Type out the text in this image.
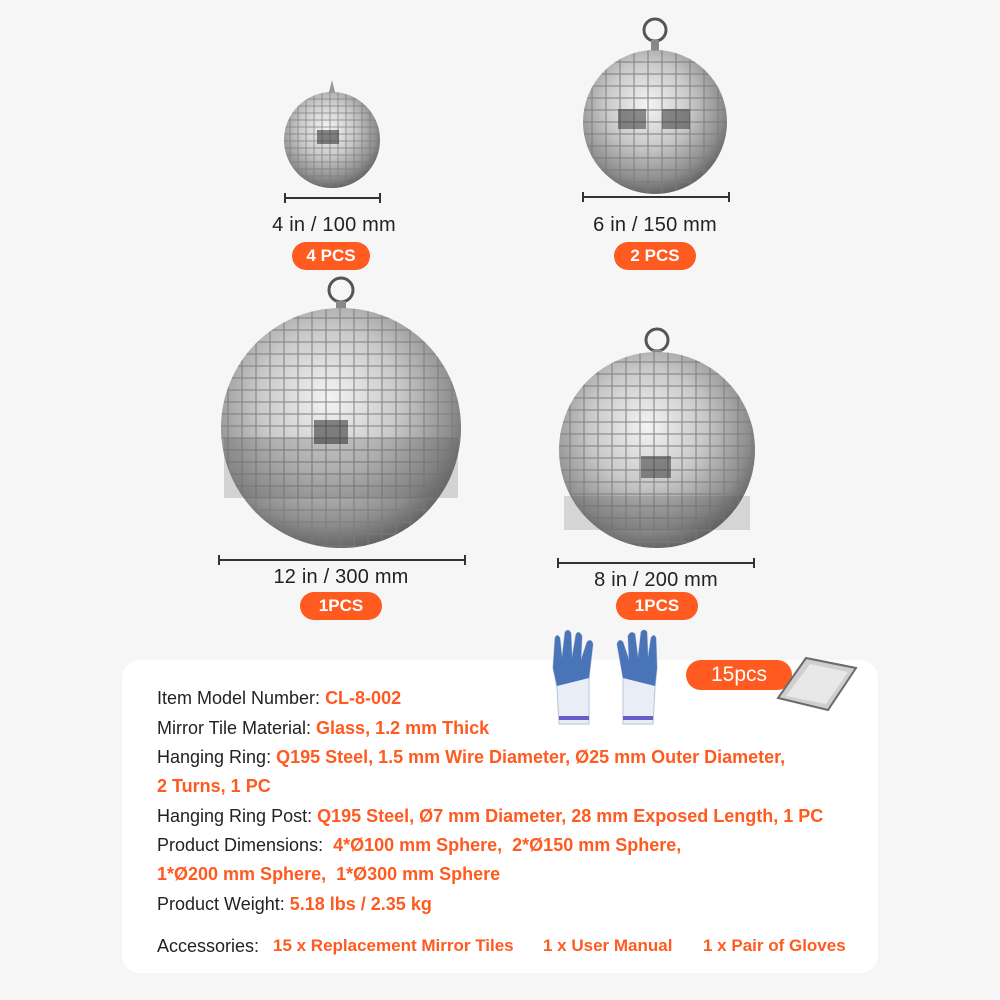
4 in / 100 mm
4 PCS
6 in / 150 mm
2 PCS
12 in / 300 mm
1PCS
8 in / 200 mm
1PCS
15pcs
Item Model Number: CL-8-002
Mirror Tile Material: Glass, 1.2 mm Thick
Hanging Ring: Q195 Steel, 1.5 mm Wire Diameter, Ø25 mm Outer Diameter,
2 Turns, 1 PC
Hanging Ring Post: Q195 Steel, Ø7 mm Diameter, 28 mm Exposed Length, 1 PC
Product Dimensions:  4*Ø100 mm Sphere,  2*Ø150 mm Sphere,
1*Ø200 mm Sphere,  1*Ø300 mm Sphere
Product Weight: 5.18 lbs / 2.35 kg
Accessories: 15 x Replacement Mirror Tiles 1 x User Manual 1 x Pair of Gloves
